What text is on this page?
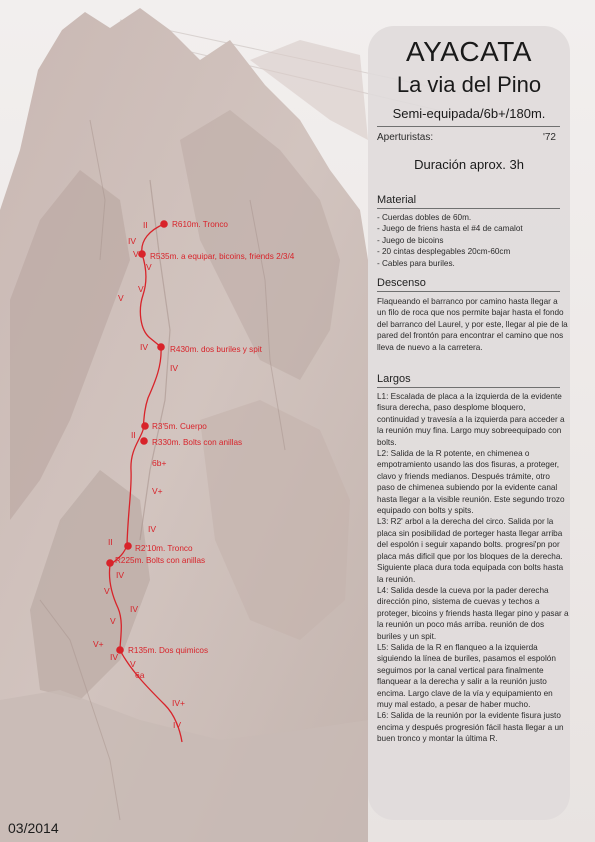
R610m. Tronco
R535m. a equipar, bicoins, friends 2/3/4
R430m. dos buriles y spit
R3'5m. Cuerpo
R330m. Bolts con anillas
R2'10m. Tronco
R225m. Bolts con anillas
R135m. Dos quimicos
II
IV
V
V
V
V
IV
IV
II
6b+
V+
IV
II
IV
IV
V
V
IV
V+
V
6a
IV+
IV
AYACATA
La via del Pino
Semi-equipada/6b+/180m.
Aperturistas:	'72
Duración aprox. 3h
Material
- Cuerdas dobles de 60m.
- Juego de friens hasta el #4 de camalot
- Juego de bicoins
- 20 cintas desplegables 20cm-60cm
- Cables para buriles.
Descenso

Flaqueando el barranco por camino hasta llegar a un filo de roca que nos permite bajar hasta el fondo del barranco del Laurel, y por este, llegar al pie de la pared del frontón para encontrar el camino que nos lleva de nuevo a la carretera.

Largos

L1: Escalada de placa a la izquierda de la evidente fisura derecha, paso desplome bloquero, continuidad y travesía a la izquierda para acceder a la reunión muy fina. Largo muy sobreequipado con bolts.

L2: Salida de la R potente, en chimenea o empotramiento usando las dos fisuras, a proteger, clavo y friends medianos. Después trámite, otro paso de chimenea subiendo por la evidente canal hasta llegar a la visible reunión. Este segundo trozo equipado con bolts y spits.

L3: R2' arbol a la derecha del circo. Salida por la placa sin posibilidad de porteger hasta llegar arriba del espolón i seguir xapando bolts. progresi'pn por placa más dificil que por los bloques de la derecha. Siguiente placa dura toda equipada con bolts hasta la reunión.

L4: Salida desde la cueva por la pader derecha dirección pino, sistema de cuevas y techos a proteger, bicoins y friends hasta llegar pino y pasar a la reunión un poco más arriba. reunión de dos buriles y un spit.

L5: Salida de la R en flanqueo a la izquierda siguiendo la línea de buriles, pasamos el espolón seguimos por la canal vertical para finalmente flanquear a la derecha y salir a la reunión justo encima. Largo clave de la vía y equipamiento en muy mal estado, a pesar de haber mucho.

L6: Salida de la reunión por la evidente fisura justo encima y después progresión fácil hasta llegar a un buen tronco y montar la última R.

03/2014
